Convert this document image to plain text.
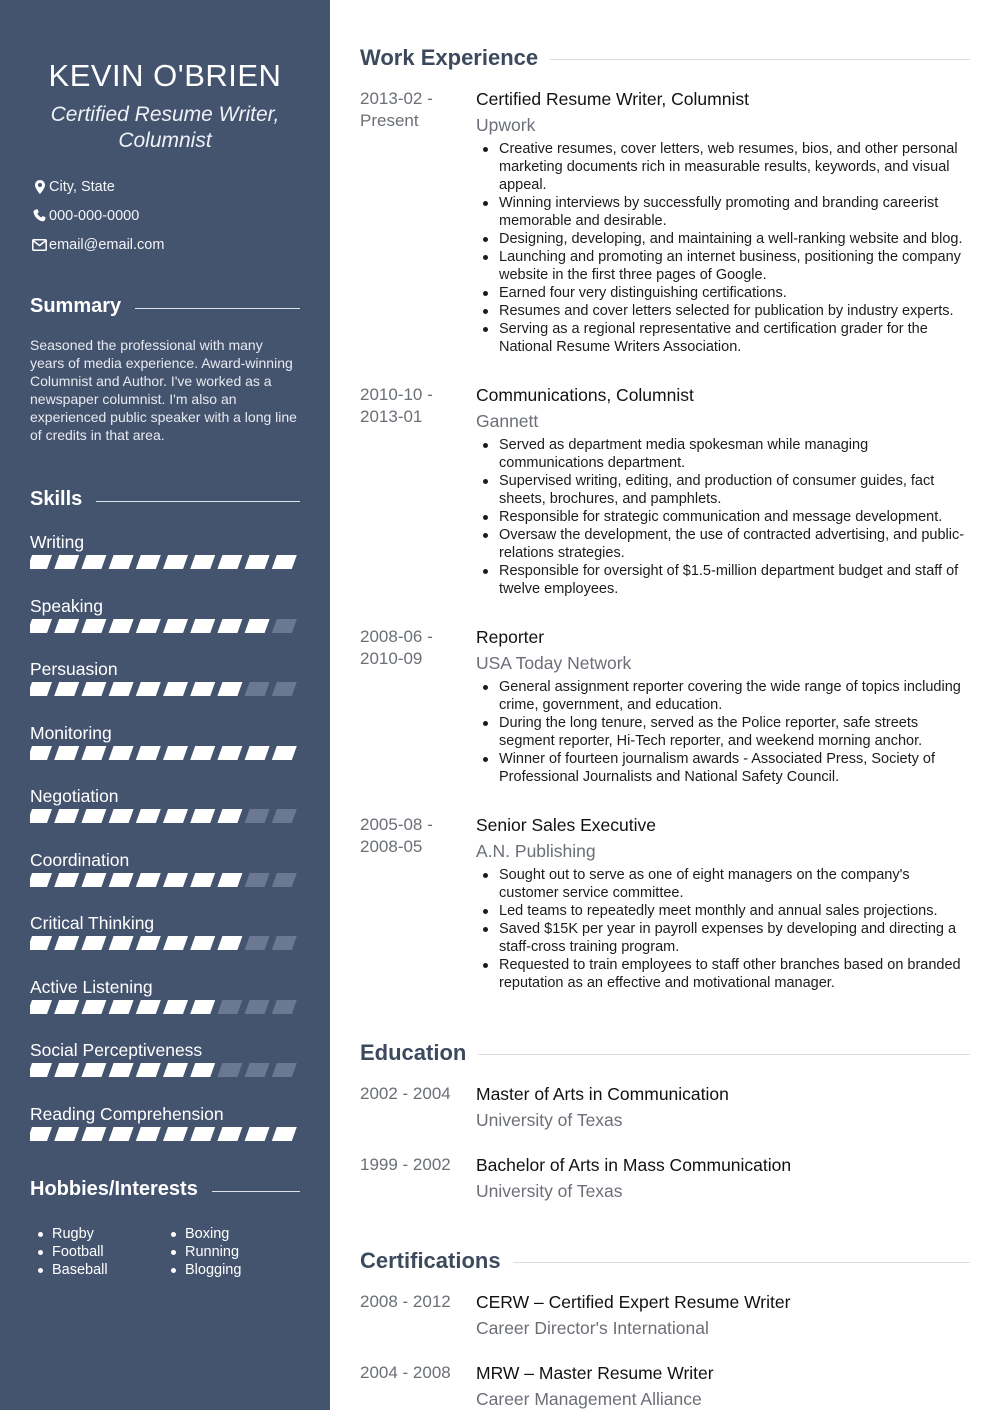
KEVIN O'BRIEN
Certified Resume Writer, Columnist
City, State
000-000-0000
email@email.com
Summary

Seasoned the professional with many years of media experience. Award-winning Columnist and Author. I've worked as a newspaper columnist. I'm also an experienced public speaker with a long line of credits in that area.

Skills
Writing
Speaking
Persuasion
Monitoring
Negotiation
Coordination
Critical Thinking
Active Listening
Social Perceptiveness
Reading Comprehension
Hobbies/Interests
Rugby
Football
Baseball
Boxing
Running
Blogging
Work Experience
2013-02 - Present
Certified Resume Writer, Columnist
Upwork
Creative resumes, cover letters, web resumes, bios, and other personal marketing documents rich in measurable results, keywords, and visual appeal.
Winning interviews by successfully promoting and branding careerist memorable and desirable.
Designing, developing, and maintaining a well-ranking website and blog.
Launching and promoting an internet business, positioning the company website in the first three pages of Google.
Earned four very distinguishing certifications.
Resumes and cover letters selected for publication by industry experts.
Serving as a regional representative and certification grader for the National Resume Writers Association.
2010-10 - 2013-01
Communications, Columnist
Gannett
Served as department media spokesman while managing communications department.
Supervised writing, editing, and production of consumer guides, fact sheets, brochures, and pamphlets.
Responsible for strategic communication and message development.
Oversaw the development, the use of contracted advertising, and public-relations strategies.
Responsible for oversight of $1.5-million department budget and staff of twelve employees.
2008-06 - 2010-09
Reporter
USA Today Network
General assignment reporter covering the wide range of topics including crime, government, and education.
During the long tenure, served as the Police reporter, safe streets segment reporter, Hi-Tech reporter, and weekend morning anchor.
Winner of fourteen journalism awards - Associated Press, Society of Professional Journalists and National Safety Council.
2005-08 - 2008-05
Senior Sales Executive
A.N. Publishing
Sought out to serve as one of eight managers on the company's customer service committee.
Led teams to repeatedly meet monthly and annual sales projections.
Saved $15K per year in payroll expenses by developing and directing a staff-cross training program.
Requested to train employees to staff other branches based on branded reputation as an effective and motivational manager.
Education
2002 - 2004	Master of Arts in Communication
University of Texas
1999 - 2002	Bachelor of Arts in Mass Communication
University of Texas
Certifications
2008 - 2012	CERW – Certified Expert Resume Writer
Career Director's International
2004 - 2008	MRW – Master Resume Writer
Career Management Alliance
